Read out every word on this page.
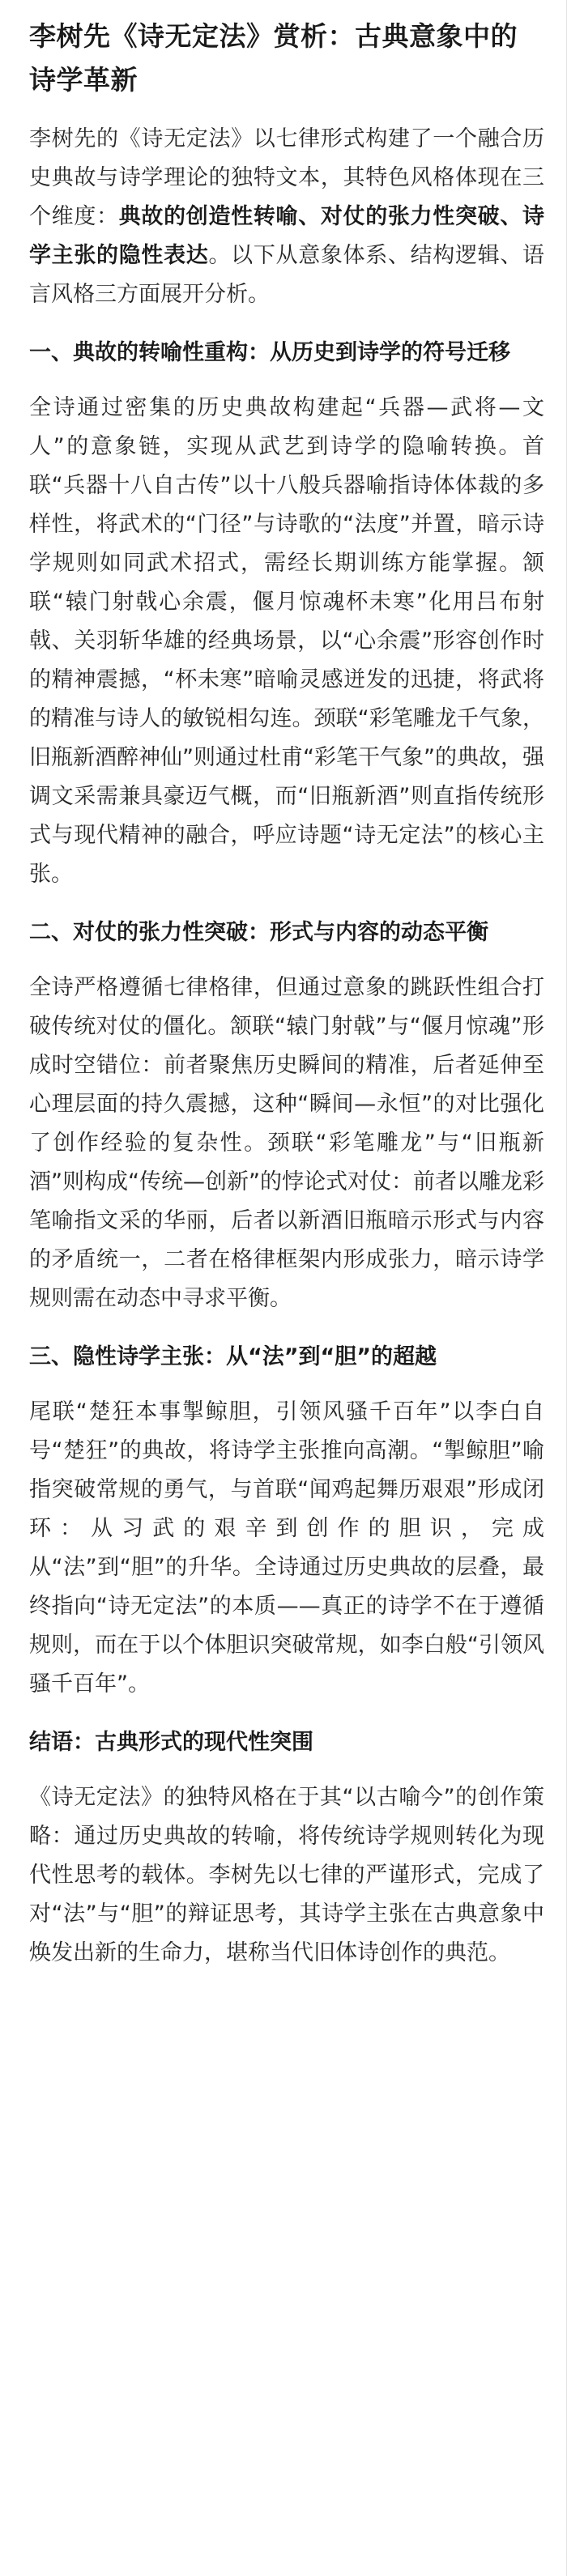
李树先《诗无定法》赏析：古典意象中的诗学革新

李树先的《诗无定法》以七律形式构建了一个融合历史典故与诗学理论的独特文本，其特色风格体现在三个维度：典故的创造性转喻、对仗的张力性突破、诗学主张的隐性表达。以下从意象体系、结构逻辑、语言风格三方面展开分析。

一、典故的转喻性重构：从历史到诗学的符号迁移

全诗通过密集的历史典故构建起“兵器—武将—文人”的意象链，实现从武艺到诗学的隐喻转换。首联“兵器十八自古传”以十八般兵器喻指诗体体裁的多样性，将武术的“门径”与诗歌的“法度”并置，暗示诗学规则如同武术招式，需经长期训练方能掌握。颔联“辕门射戟心余震，偃月惊魂杯未寒”化用吕布射戟、关羽斩华雄的经典场景，以“心余震”形容创作时的精神震撼，“杯未寒”暗喻灵感迸发的迅捷，将武将的精准与诗人的敏锐相勾连。颈联“彩笔雕龙千气象，旧瓶新酒醉神仙”则通过杜甫“彩笔干气象”的典故，强调文采需兼具豪迈气概，而“旧瓶新酒”则直指传统形式与现代精神的融合，呼应诗题“诗无定法”的核心主张。

二、对仗的张力性突破：形式与内容的动态平衡

全诗严格遵循七律格律，但通过意象的跳跃性组合打破传统对仗的僵化。颔联“辕门射戟”与“偃月惊魂”形成时空错位：前者聚焦历史瞬间的精准，后者延伸至心理层面的持久震撼，这种“瞬间—永恒”的对比强化了创作经验的复杂性。颈联“彩笔雕龙”与“旧瓶新酒”则构成“传统—创新”的悖论式对仗：前者以雕龙彩笔喻指文采的华丽，后者以新酒旧瓶暗示形式与内容的矛盾统一，二者在格律框架内形成张力，暗示诗学规则需在动态中寻求平衡。

三、隐性诗学主张：从“法”到“胆”的超越

尾联“楚狂本事掣鲸胆，引领风骚千百年”以李白自号“楚狂”的典故，将诗学主张推向高潮。“掣鲸胆”喻指突破常规的勇气，与首联“闻鸡起舞历艰艰”形成闭环：从习武的艰辛到创作的胆识，完成从“法”到“胆”的升华。全诗通过历史典故的层叠，最终指向“诗无定法”的本质——真正的诗学不在于遵循规则，而在于以个体胆识突破常规，如李白般“引领风骚千百年”。

结语：古典形式的现代性突围

《诗无定法》的独特风格在于其“以古喻今”的创作策略：通过历史典故的转喻，将传统诗学规则转化为现代性思考的载体。李树先以七律的严谨形式，完成了对“法”与“胆”的辩证思考，其诗学主张在古典意象中焕发出新的生命力，堪称当代旧体诗创作的典范。
